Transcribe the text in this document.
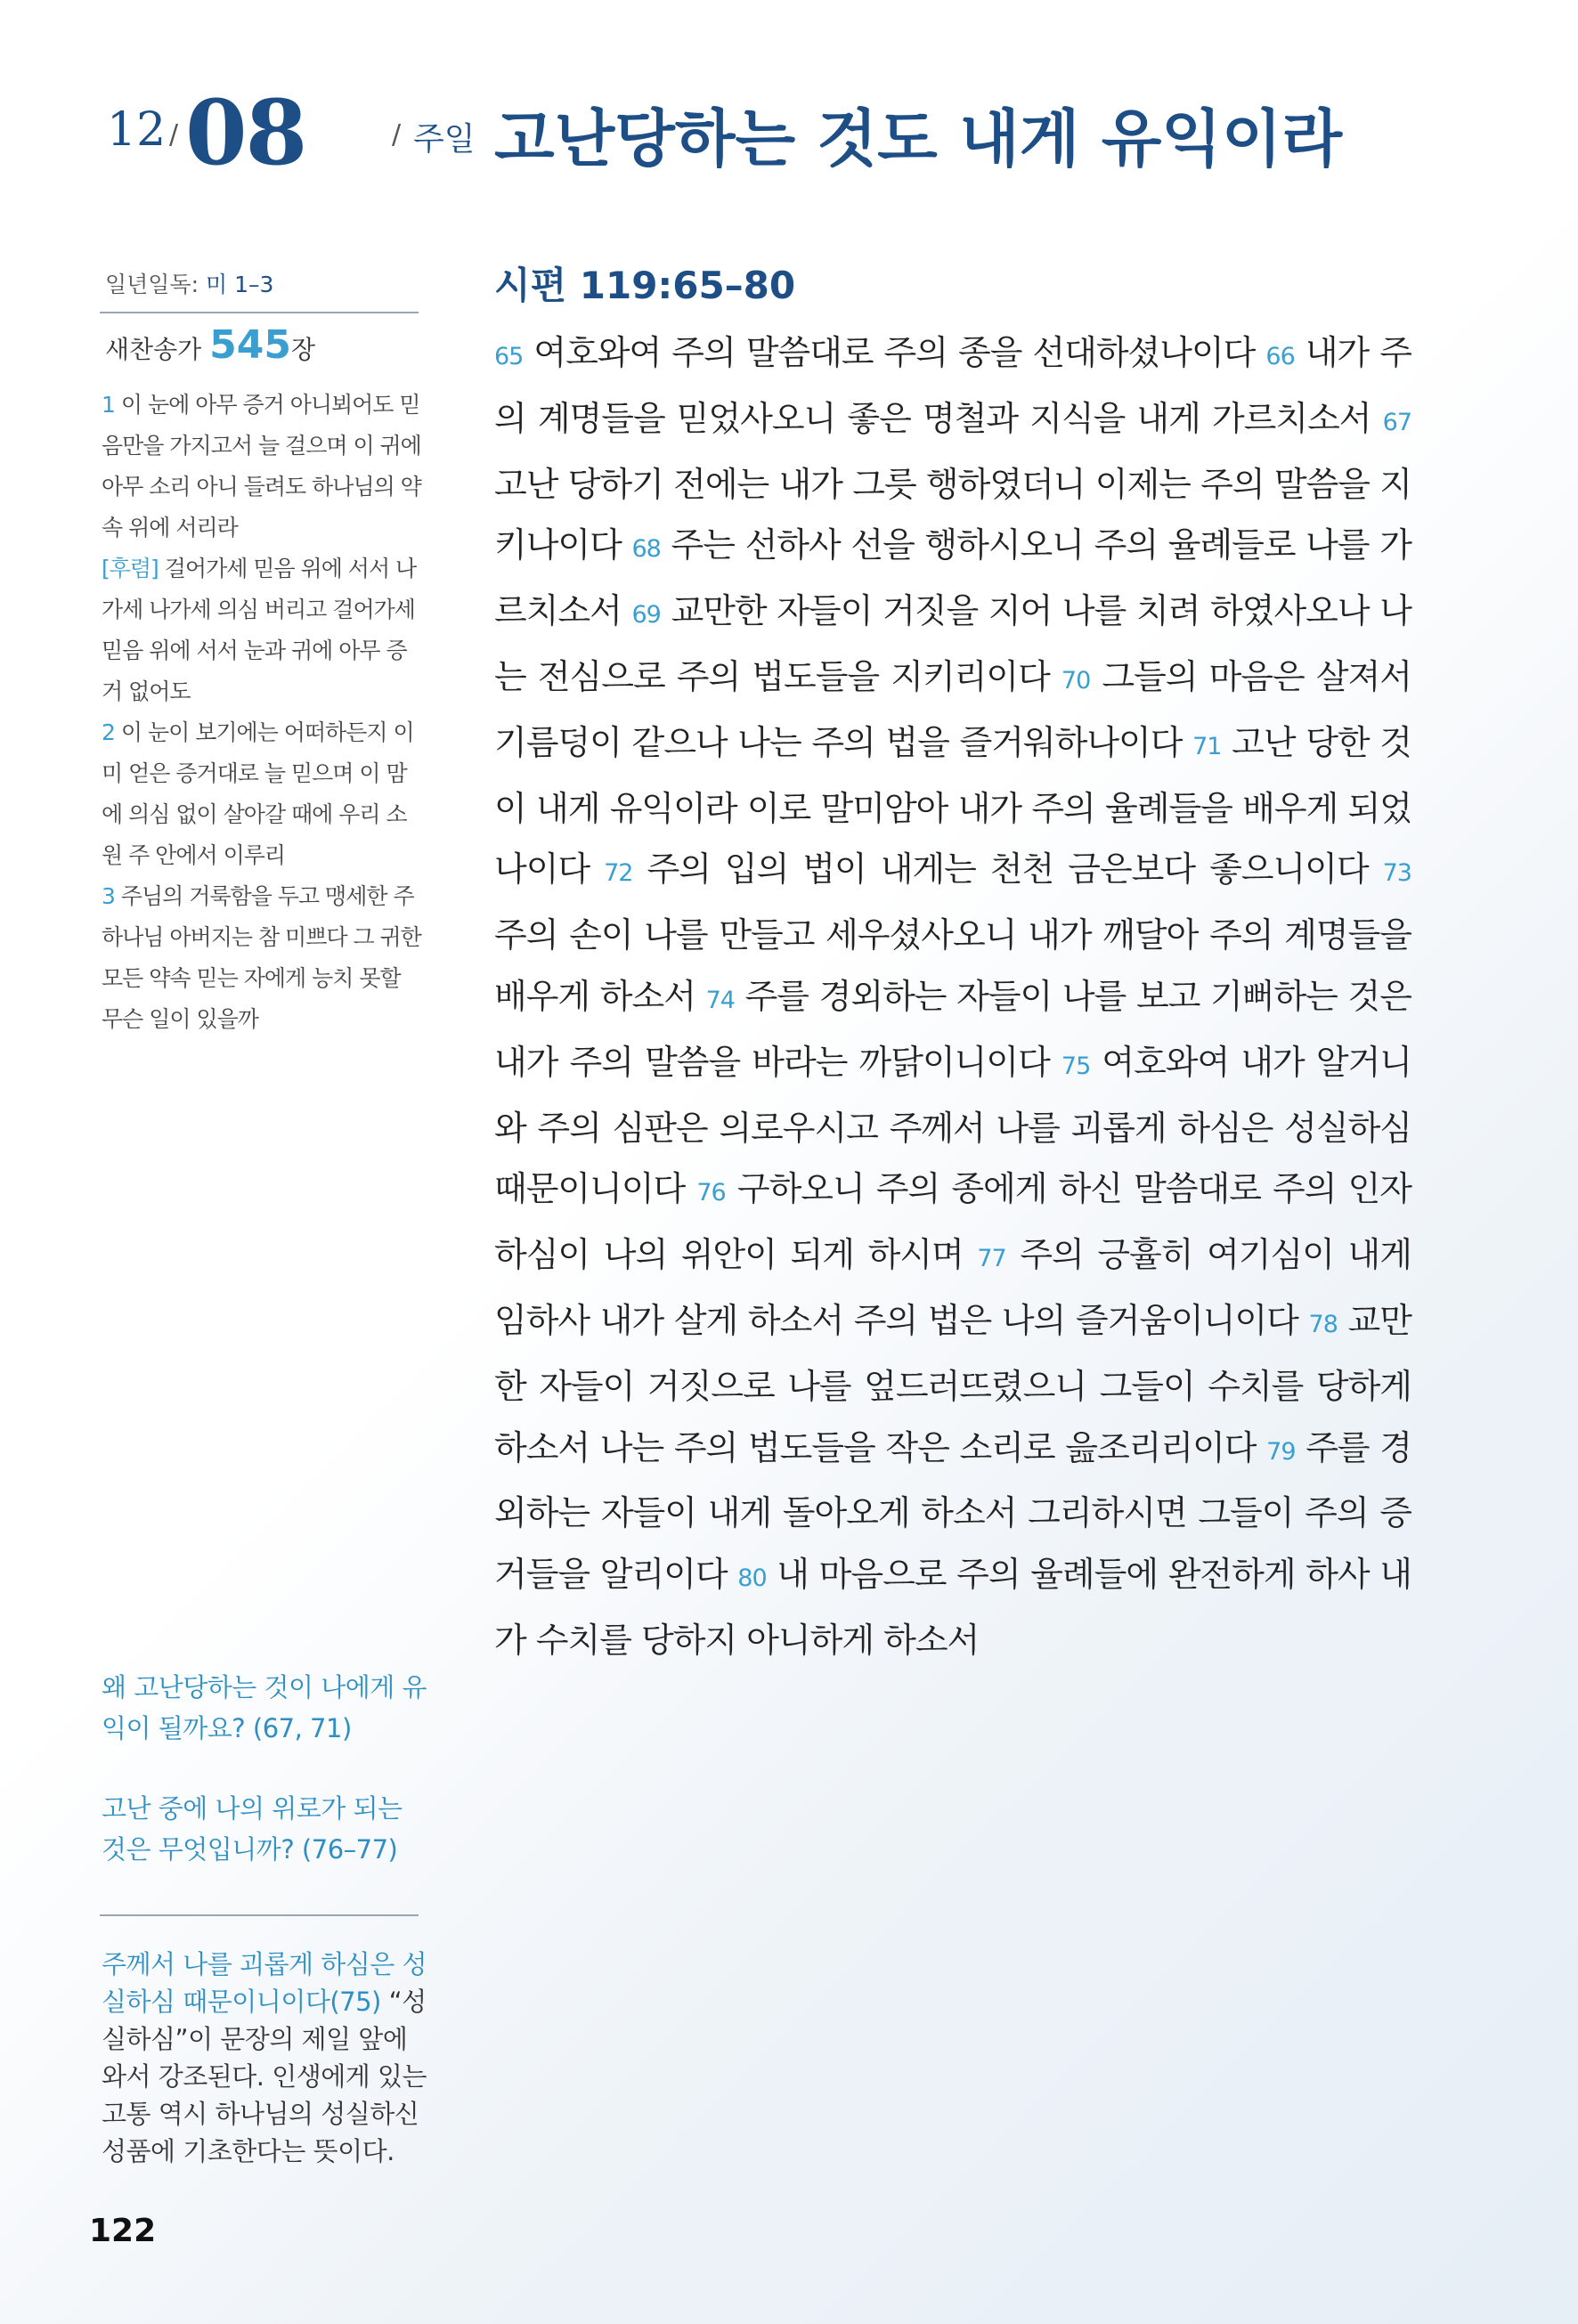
12 / 08	/ 주일 고난당하는 것도 내게 유익이라
일년일독: 미 1–3
새찬송가 545장

1 이 눈에 아무 증거 아니뵈어도 믿음만을 가지고서 늘 걸으며 이 귀에 아무 소리 아니 들려도 하나님의 약속 위에 서리라

[후렴] 걸어가세 믿음 위에 서서 나가세 나가세 의심 버리고 걸어가세 믿음 위에 서서 눈과 귀에 아무 증거 없어도

2 이 눈이 보기에는 어떠하든지 이미 얻은 증거대로 늘 믿으며 이 맘에 의심 없이 살아갈 때에 우리 소원 주 안에서 이루리

3 주님의 거룩함을 두고 맹세한 주 하나님 아버지는 참 미쁘다 그 귀한 모든 약속 믿는 자에게 능치 못할 무슨 일이 있을까

왜 고난당하는 것이 나에게 유익이 될까요? (67, 71)
고난 중에 나의 위로가 되는 것은 무엇입니까? (76–77)
주께서 나를 괴롭게 하심은 성실하심 때문이니이다(75) “성실하심”이 문장의 제일 앞에 와서 강조된다. 인생에게 있는 고통 역시 하나님의 성실하신 성품에 기초한다는 뜻이다.
122
시편 119:65–80
65 여호와여 주의 말씀대로 주의 종을 선대하셨나이다 66 내가 주의 계명들을 믿었사오니 좋은 명철과 지식을 내게 가르치소서 67 고난 당하기 전에는 내가 그릇 행하였더니 이제는 주의 말씀을 지키나이다 68 주는 선하사 선을 행하시오니 주의 율례들로 나를 가르치소서 69 교만한 자들이 거짓을 지어 나를 치려 하였사오나 나는 전심으로 주의 법도들을 지키리이다 70 그들의 마음은 살져서 기름덩이 같으나 나는 주의 법을 즐거워하나이다 71 고난 당한 것이 내게 유익이라 이로 말미암아 내가 주의 율례들을 배우게 되었나이다 72 주의 입의 법이 내게는 천천 금은보다 좋으니이다 73 주의 손이 나를 만들고 세우셨사오니 내가 깨달아 주의 계명들을 배우게 하소서 74 주를 경외하는 자들이 나를 보고 기뻐하는 것은 내가 주의 말씀을 바라는 까닭이니이다 75 여호와여 내가 알거니와 주의 심판은 의로우시고 주께서 나를 괴롭게 하심은 성실하심 때문이니이다 76 구하오니 주의 종에게 하신 말씀대로 주의 인자하심이 나의 위안이 되게 하시며 77 주의 긍휼히 여기심이 내게 임하사 내가 살게 하소서 주의 법은 나의 즐거움이니이다 78 교만한 자들이 거짓으로 나를 엎드러뜨렸으니 그들이 수치를 당하게 하소서 나는 주의 법도들을 작은 소리로 읊조리리이다 79 주를 경외하는 자들이 내게 돌아오게 하소서 그리하시면 그들이 주의 증거들을 알리이다 80 내 마음으로 주의 율례들에 완전하게 하사 내가 수치를 당하지 아니하게 하소서
